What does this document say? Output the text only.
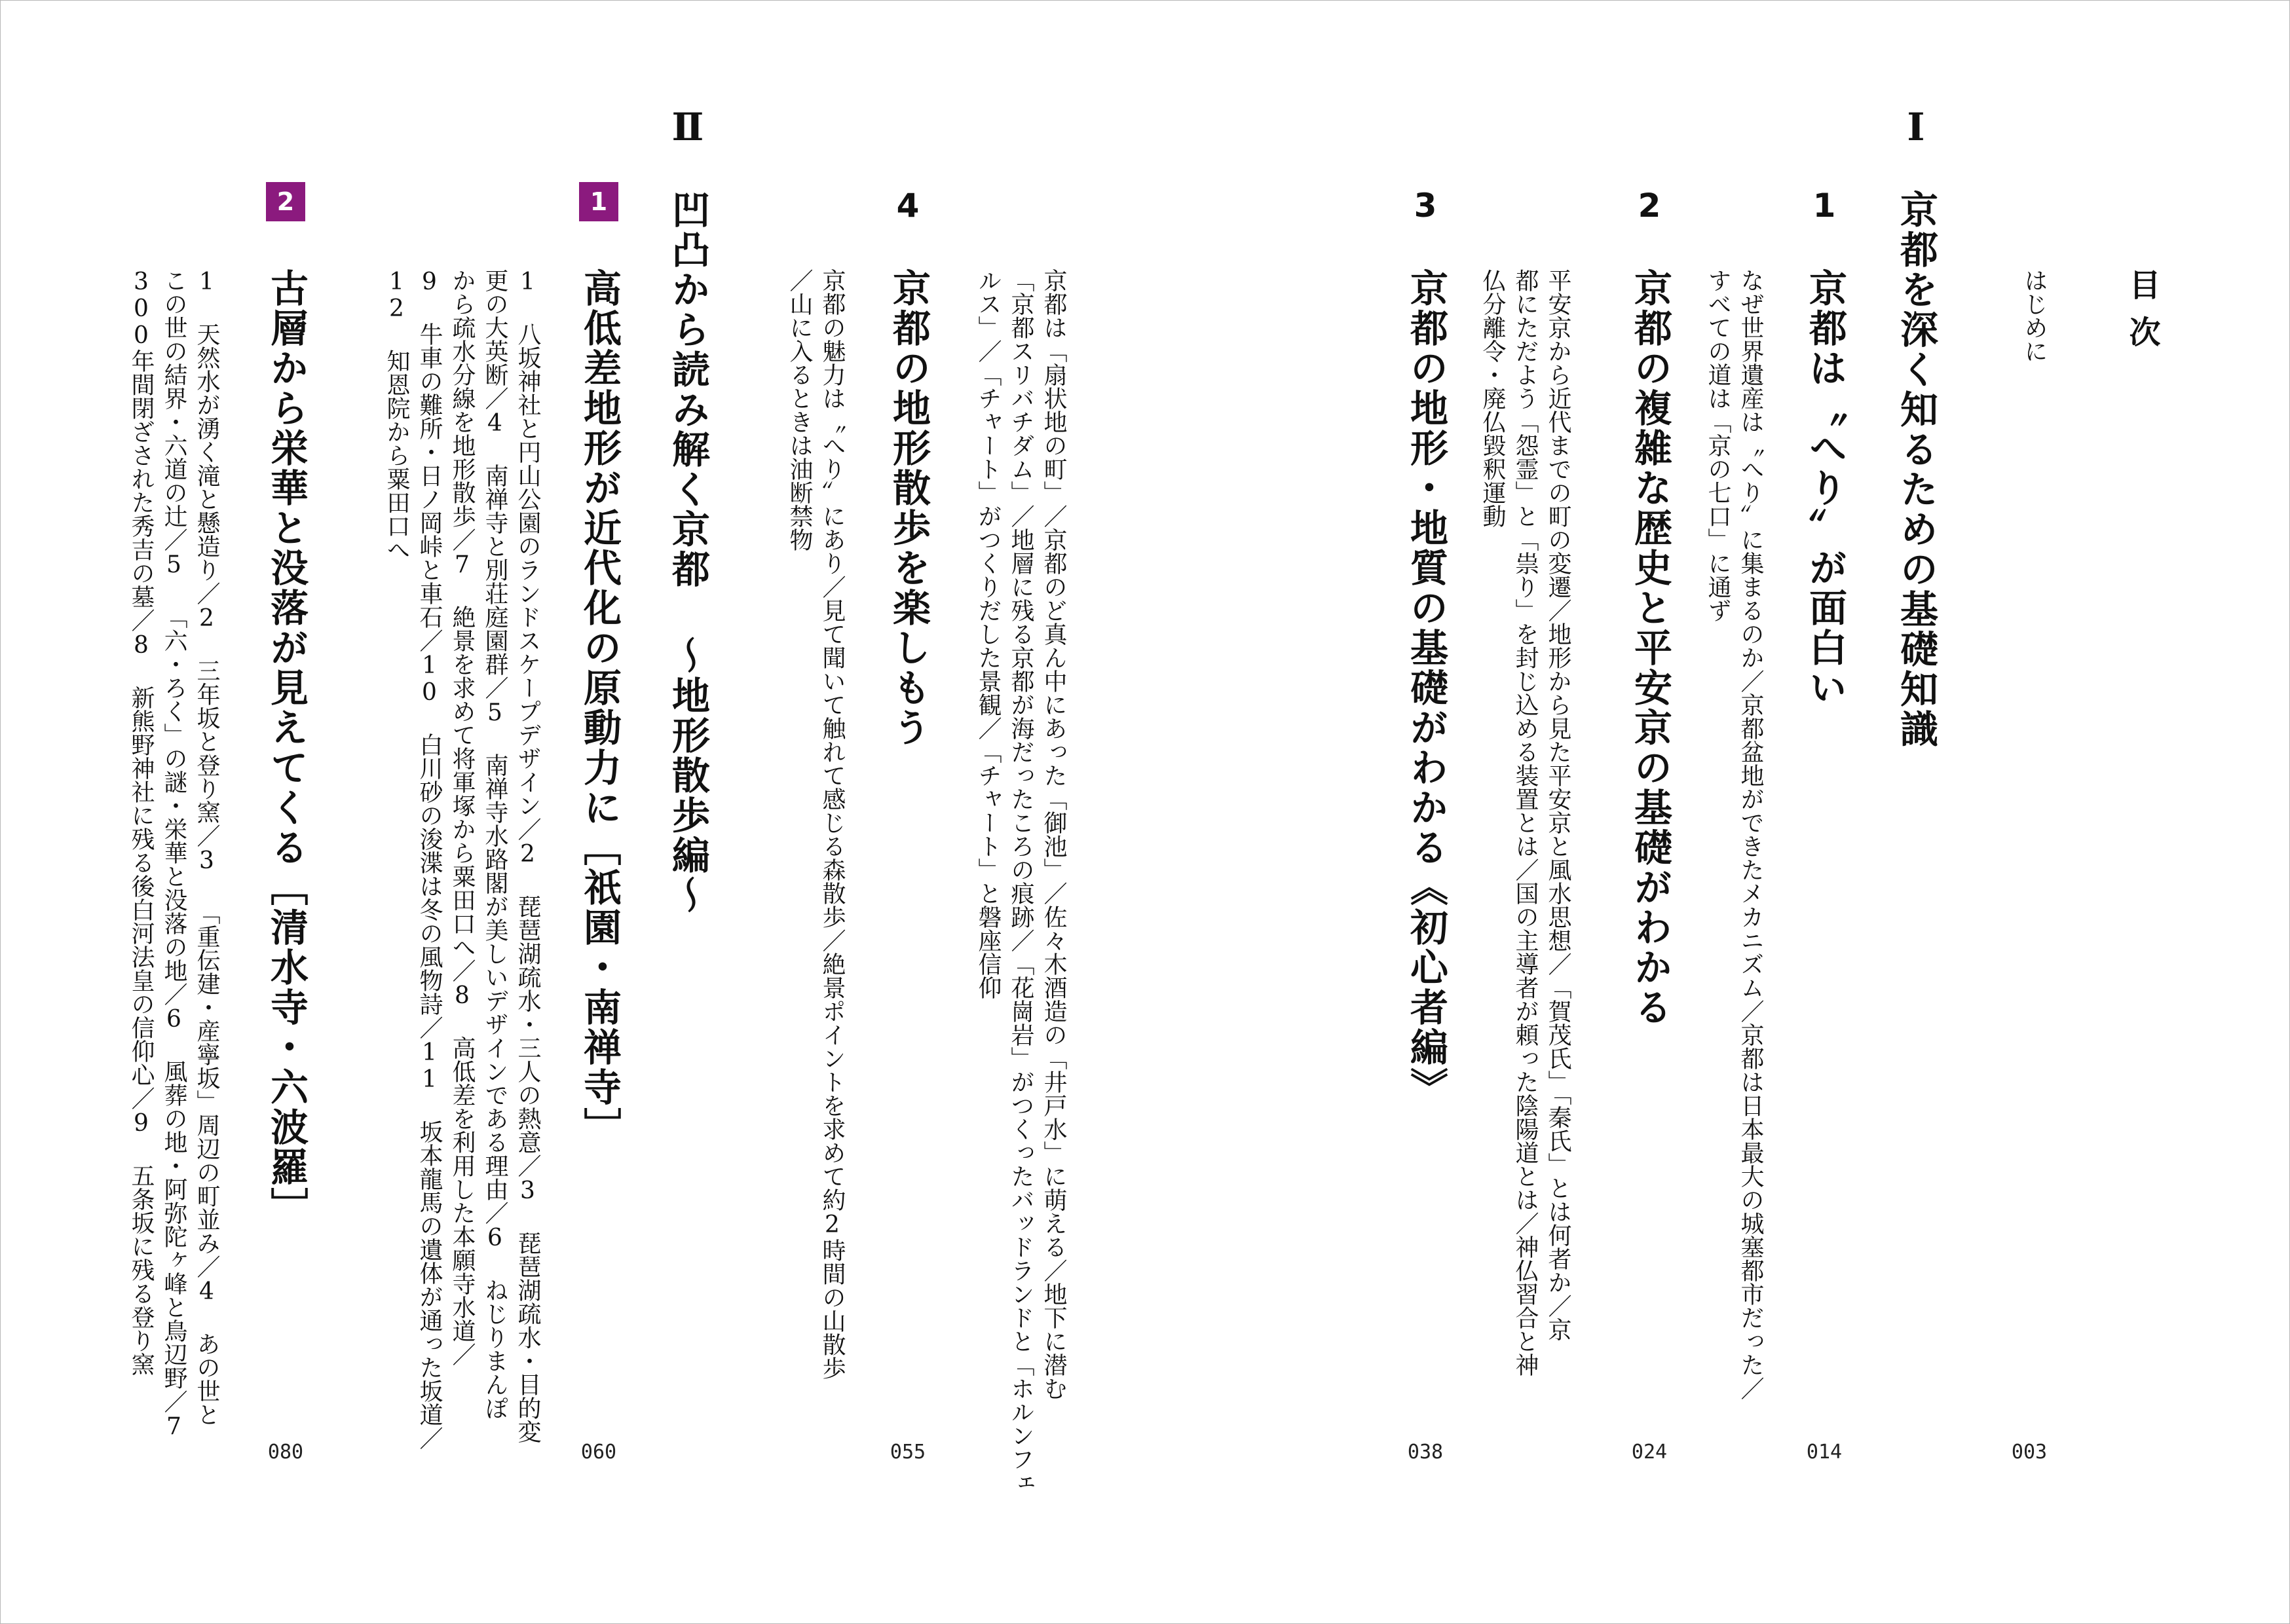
目次
はじめに
003
Ⅰ
京都を深く知るための基礎知識
1
京都は〝へり〟が面白い
なぜ世界遺産は〝へり〟に集まるのか／京都盆地ができたメカニズム／京都は日本最大の城塞都市だった／
すべての道は「京の七口」に通ず
014
2
京都の複雑な歴史と平安京の基礎がわかる
平安京から近代までの町の変遷／地形から見た平安京と風水思想／「賀茂氏」「秦氏」とは何者か／京
都にただよう「怨霊」と「祟り」を封じ込める装置とは／国の主導者が頼った陰陽道とは／神仏習合と神
仏分離令・廃仏毀釈運動
024
3
京都の地形・地質の基礎がわかる《初心者編》
京都は「扇状地の町」／京都のど真ん中にあった「御池」／佐々木酒造の「井戸水」に萌える／地下に潜む
「京都スリバチダム」／地層に残る京都が海だったころの痕跡／「花崗岩」がつくったバッドランドと「ホルンフェ
ルス」／「チャート」がつくりだした景観／「チャート」と磐座信仰
038
4
京都の地形散歩を楽しもう
京都の魅力は〝へり〟にあり／見て聞いて触れて感じる森散歩／絶景ポイントを求めて約2時間の山散歩
／山に入るときは油断禁物
055
Ⅱ
凹凸から読み解く京都 〜地形散歩編〜
1
高低差地形が近代化の原動力に［祇園・南禅寺］
1 八坂神社と円山公園のランドスケープデザイン／2 琵琶湖疏水・三人の熱意／3 琵琶湖疏水・目的変
更の大英断／4 南禅寺と別荘庭園群／5 南禅寺水路閣が美しいデザインである理由／6 ねじりまんぽ
から疏水分線を地形散歩／7 絶景を求めて将軍塚から粟田口へ／8 高低差を利用した本願寺水道／
9 牛車の難所・日ノ岡峠と車石／10 白川砂の浚渫は冬の風物詩／11 坂本龍馬の遺体が通った坂道／
12 知恩院から粟田口へ
060
2
古層から栄華と没落が見えてくる［清水寺・六波羅］
1 天然水が湧く滝と懸造り／2 三年坂と登り窯／3 「重伝建・産寧坂」周辺の町並み／4 あの世と
この世の結界・六道の辻／5 「六・ろく」の謎・栄華と没落の地／6 風葬の地・阿弥陀ヶ峰と鳥辺野／7
300年間閉ざされた秀吉の墓／8 新熊野神社に残る後白河法皇の信仰心／9 五条坂に残る登り窯
080
